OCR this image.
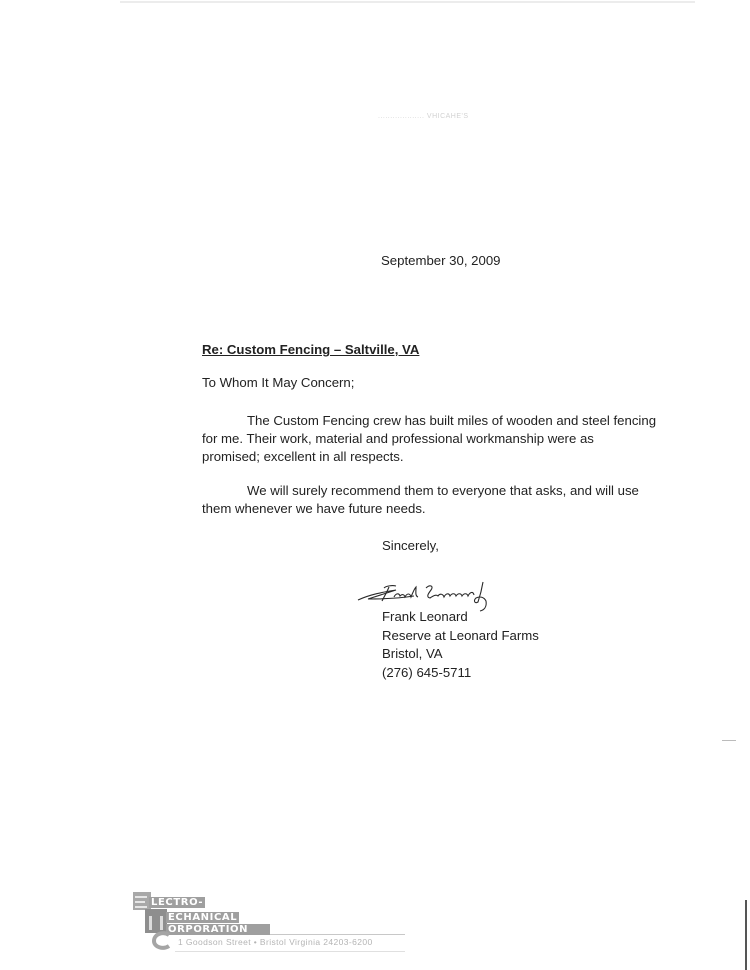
................... VHICAHE'S
September 30, 2009
Re: Custom Fencing – Saltville, VA
To Whom It May Concern;
The Custom Fencing crew has built miles of wooden and steel fencing
for me. Their work, material and professional workmanship were as
promised; excellent in all respects.
We will surely recommend them to everyone that asks, and will use
them whenever we have future needs.
Sincerely,
Frank Leonard
Reserve at Leonard Farms
Bristol, VA
(276) 645-5711
LECTRO-
ECHANICAL
ORPORATION
1 Goodson Street • Bristol Virginia 24203-6200
